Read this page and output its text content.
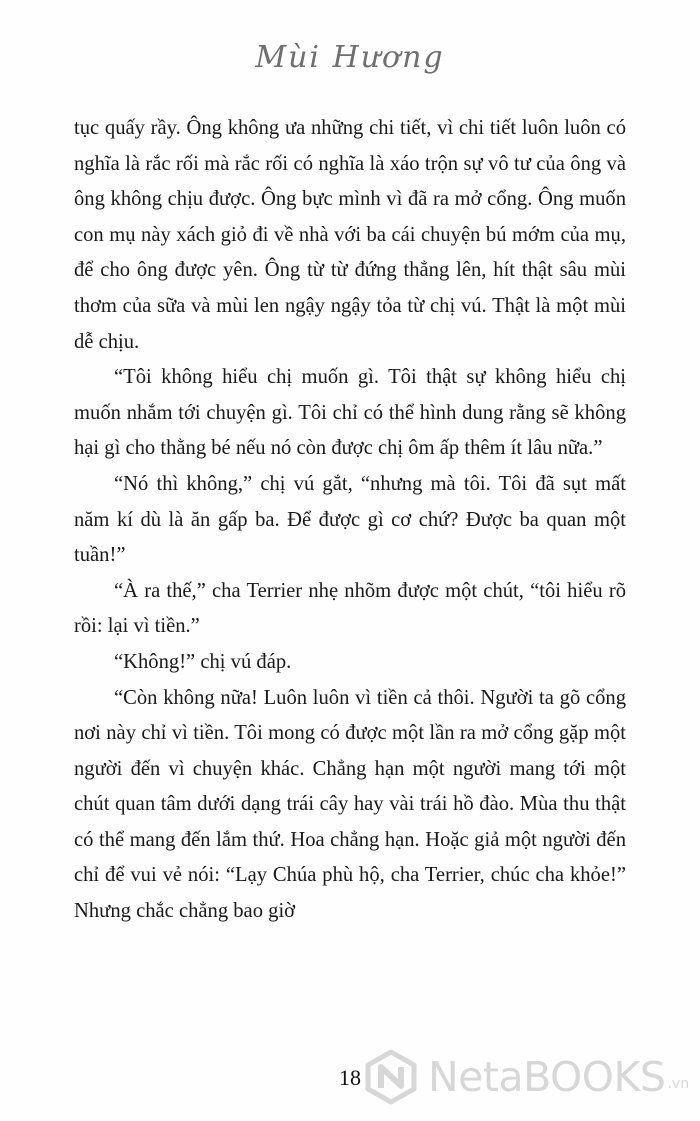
Mùi Hương

tục quấy rầy. Ông không ưa những chi tiết, vì chi tiết luôn luôn có nghĩa là rắc rối mà rắc rối có nghĩa là xáo trộn sự vô tư của ông và ông không chịu được. Ông bực mình vì đã ra mở cổng. Ông muốn con mụ này xách giỏ đi về nhà với ba cái chuyện bú mớm của mụ, để cho ông được yên. Ông từ từ đứng thẳng lên, hít thật sâu mùi thơm của sữa và mùi len ngậy ngậy tỏa từ chị vú. Thật là một mùi dễ chịu.

“Tôi không hiểu chị muốn gì. Tôi thật sự không hiểu chị muốn nhắm tới chuyện gì. Tôi chỉ có thể hình dung rằng sẽ không hại gì cho thằng bé nếu nó còn được chị ôm ấp thêm ít lâu nữa.”

“Nó thì không,” chị vú gắt, “nhưng mà tôi. Tôi đã sụt mất năm kí dù là ăn gấp ba. Để được gì cơ chứ? Được ba quan một tuần!”

“À ra thế,” cha Terrier nhẹ nhõm được một chút, “tôi hiểu rõ rồi: lại vì tiền.”

“Không!” chị vú đáp.

“Còn không nữa! Luôn luôn vì tiền cả thôi. Người ta gõ cổng nơi này chỉ vì tiền. Tôi mong có được một lần ra mở cổng gặp một người đến vì chuyện khác. Chẳng hạn một người mang tới một chút quan tâm dưới dạng trái cây hay vài trái hồ đào. Mùa thu thật có thể mang đến lắm thứ. Hoa chẳng hạn. Hoặc giả một người đến chỉ để vui vẻ nói: “Lạy Chúa phù hộ, cha Terrier, chúc cha khỏe!” Nhưng chắc chẳng bao giờ

18	NetaBOOKS .vn
